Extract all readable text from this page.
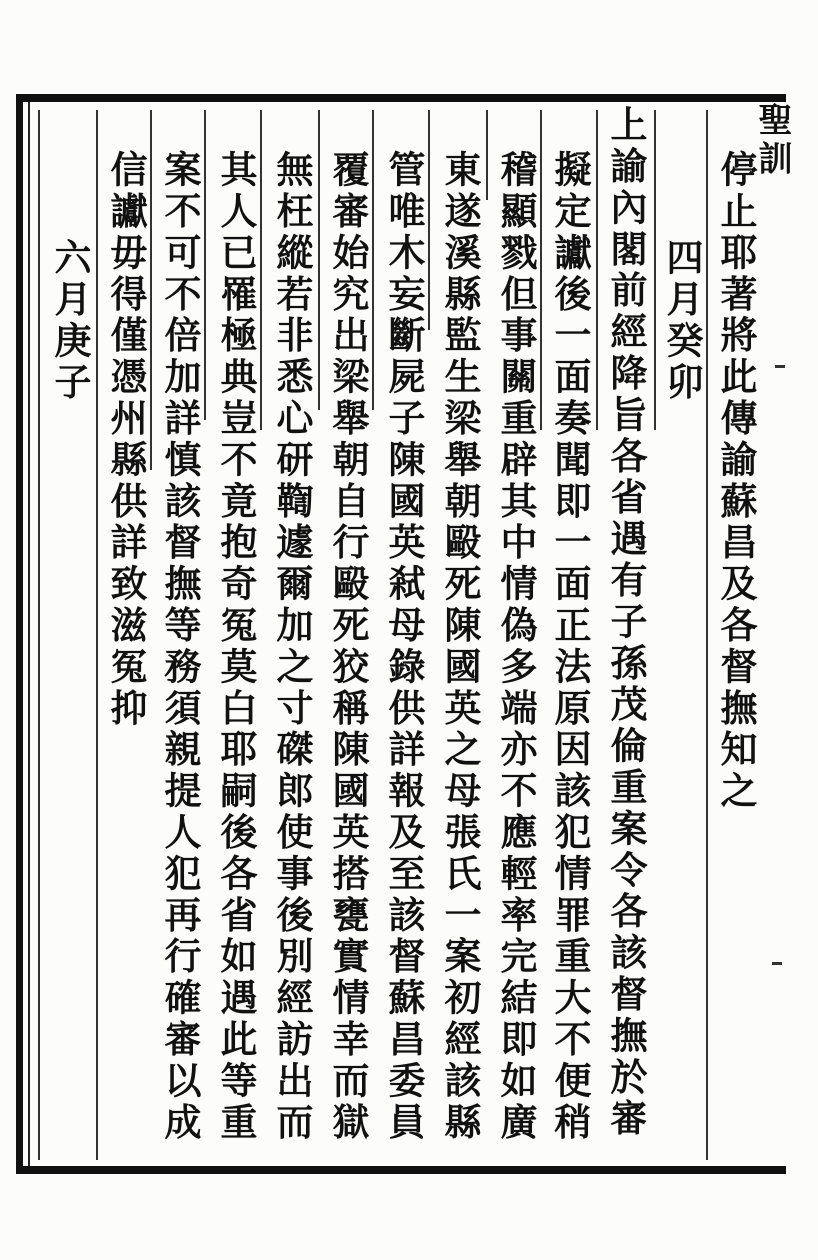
聖訓
停止耶著將此傳諭蘇昌及各督撫知之
四月癸卯
上諭內閣前經降旨各省遇有子孫茂倫重案令各該督撫於審
擬定讞後一面奏聞即一面正法原因該犯情罪重大不便稍
稽顯戮但事關重辟其中情偽多端亦不應輕率完結即如廣
東遂溪縣監生梁舉朝毆死陳國英之母張氏一案初經該縣
管唯木妄斷屍子陳國英弒母錄供詳報及至該督蘇昌委員
覆審始究出梁舉朝自行毆死狡稱陳國英搭甕實情幸而獄
無枉縱若非悉心研鞫遽爾加之寸磔郎使事後別經訪出而
其人已罹極典豈不竟抱奇冤莫白耶嗣後各省如遇此等重
案不可不倍加詳慎該督撫等務須親提人犯再行確審以成
信讞毋得僅憑州縣供詳致滋冤抑
六月庚子
